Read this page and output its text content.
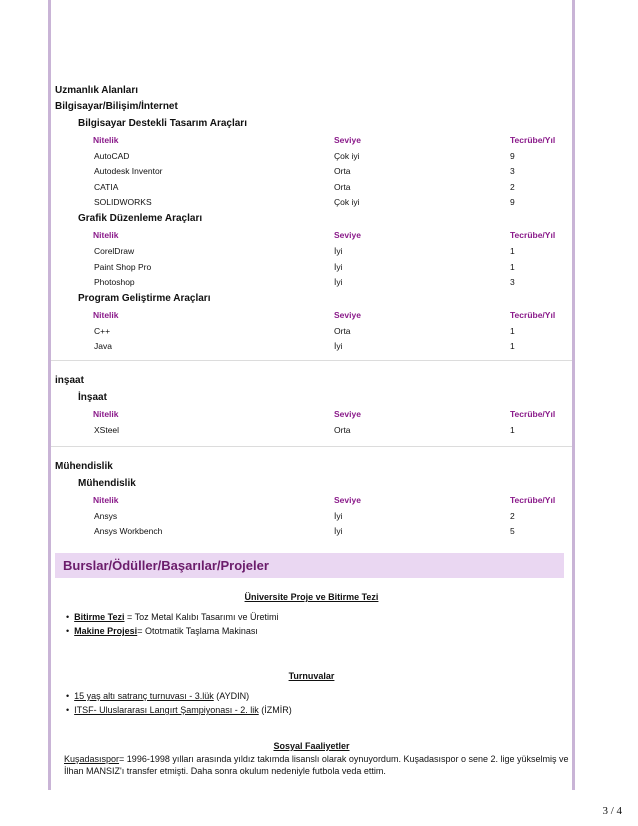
Uzmanlık Alanları
Bilgisayar/Bilişim/İnternet
Bilgisayar Destekli Tasarım Araçları
Nitelik	Seviye	Tecrübe/Yıl
AutoCAD	Çok iyi	9
Autodesk Inventor	Orta	3
CATIA	Orta	2
SOLIDWORKS	Çok iyi	9
Grafik Düzenleme Araçları
Nitelik	Seviye	Tecrübe/Yıl
CorelDraw	İyi	1
Paint Shop Pro	İyi	1
Photoshop	İyi	3
Program Geliştirme Araçları
Nitelik	Seviye	Tecrübe/Yıl
C++	Orta	1
Java	İyi	1
inşaat
İnşaat
Nitelik	Seviye	Tecrübe/Yıl
XSteel	Orta	1
Mühendislik
Mühendislik
Nitelik	Seviye	Tecrübe/Yıl
Ansys	İyi	2
Ansys Workbench	İyi	5
Burslar/Ödüller/Başarılar/Projeler
Üniversite Proje ve Bitirme Tezi
•  Bitirme Tezi = Toz Metal Kalıbı Tasarımı ve Üretimi
•  Makine Projesi= Ototmatik Taşlama Makinası
Turnuvalar
•  15 yaş altı satranç turnuvası - 3.lük (AYDIN)
•  ITSF- Uluslararası Langırt Şampiyonası - 2. lik (İZMİR)
Sosyal Faaliyetler
Kuşadasıspor= 1996-1998 yılları arasında yıldız takımda lisanslı olarak oynuyordum. Kuşadasıspor o sene 2. lige yükselmiş ve İlhan MANSIZ'ı transfer etmişti. Daha sonra okulum nedeniyle futbola veda ettim.
3 / 4
